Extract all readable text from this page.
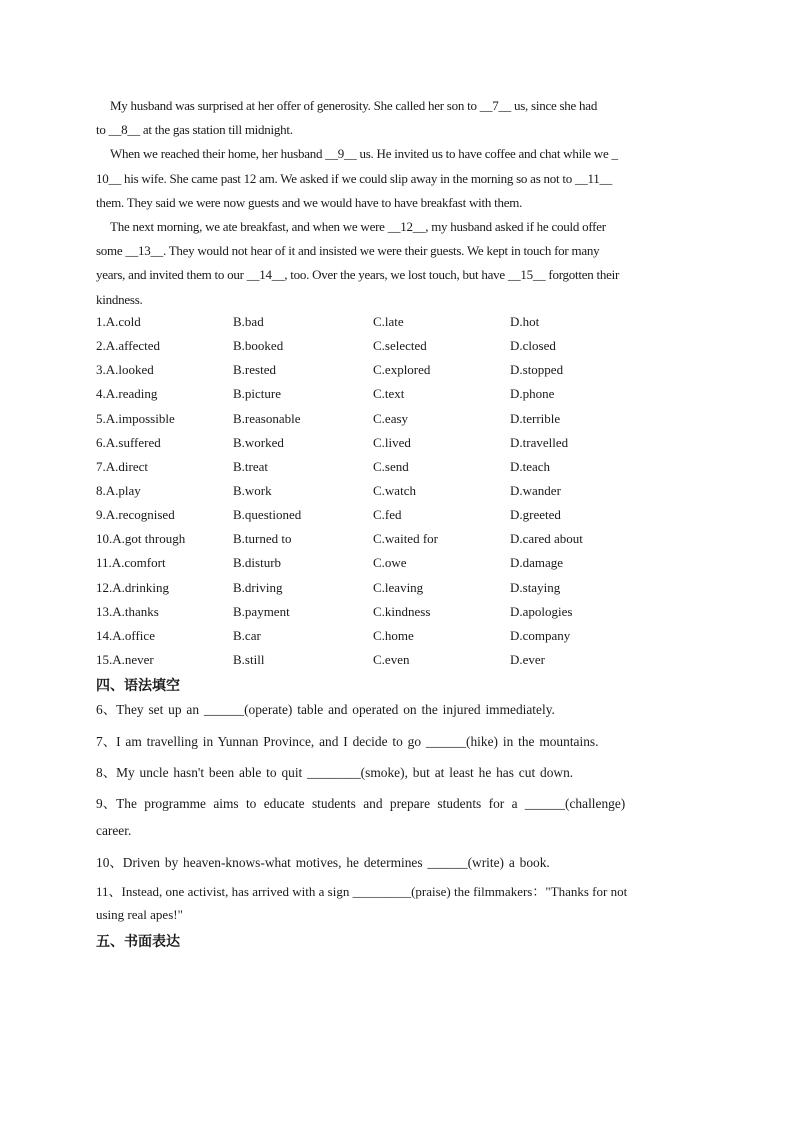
My husband was surprised at her offer of generosity. She called her son to __7__ us, since she had
to __8__ at the gas station till midnight.

When we reached their home, her husband __9__ us. He invited us to have coffee and chat while we _
10__ his wife. She came past 12 am. We asked if we could slip away in the morning so as not to __11__
them. They said we were now guests and we would have to have breakfast with them.

The next morning, we ate breakfast, and when we were __12__, my husband asked if he could offer
some __13__. They would not hear of it and insisted we were their guests. We kept in touch for many
years, and invited them to our __14__, too. Over the years, we lost touch, but have __15__ forgotten their
kindness.

1.A.cold	B.bad	C.late	D.hot
2.A.affected	B.booked	C.selected	D.closed
3.A.looked	B.rested	C.explored	D.stopped
4.A.reading	B.picture	C.text	D.phone
5.A.impossible	B.reasonable	C.easy	D.terrible
6.A.suffered	B.worked	C.lived	D.travelled
7.A.direct	B.treat	C.send	D.teach
8.A.play	B.work	C.watch	D.wander
9.A.recognised	B.questioned	C.fed	D.greeted
10.A.got through	B.turned to	C.waited for	D.cared about
11.A.comfort	B.disturb	C.owe	D.damage
12.A.drinking	B.driving	C.leaving	D.staying
13.A.thanks	B.payment	C.kindness	D.apologies
14.A.office	B.car	C.home	D.company
15.A.never	B.still	C.even	D.ever
四、语法填空
6、They set up an ______(operate) table and operated on the injured immediately.
7、I am travelling in Yunnan Province, and I decide to go ______(hike) in the mountains.
8、My uncle hasn't been able to quit ________(smoke), but at least he has cut down.
9、The programme aims to educate students and prepare students for a ______(challenge)
career.
10、Driven by heaven-knows-what motives, he determines ______(write) a book.
11、Instead, one activist, has arrived with a sign _________(praise) the filmmakers："Thanks for not
using real apes!"
五、书面表达
